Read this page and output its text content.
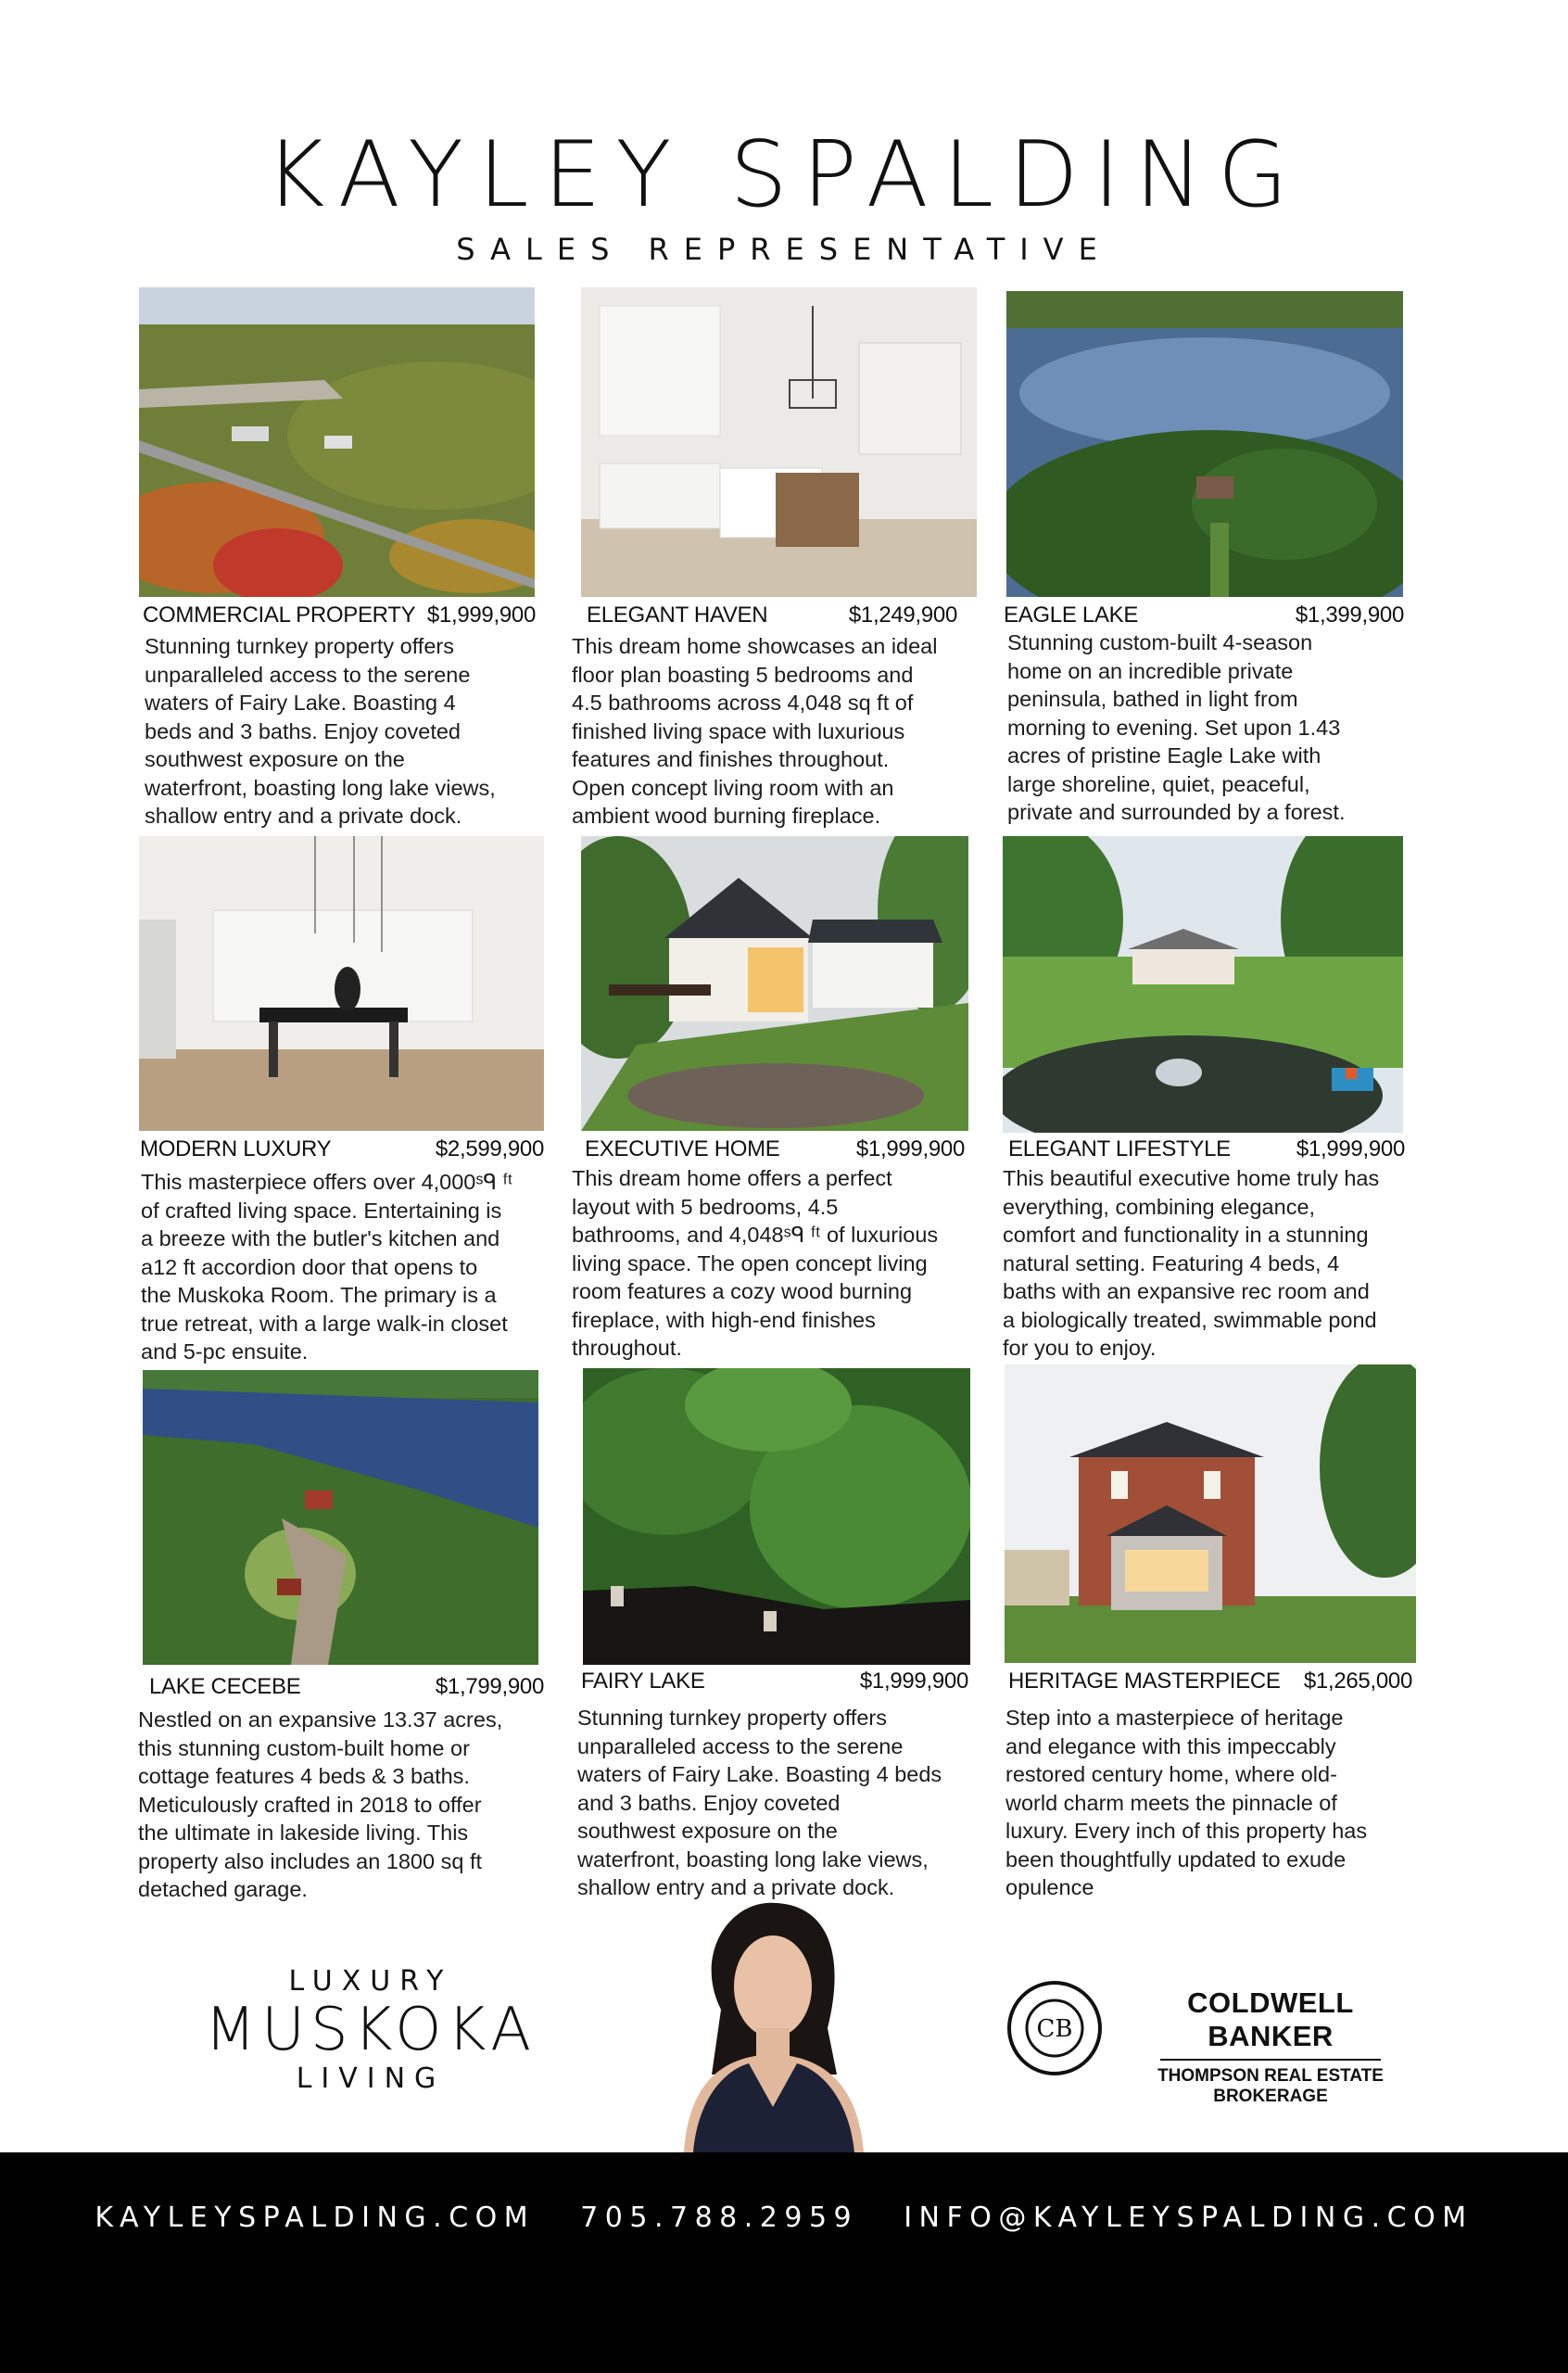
KAYLEY SPALDING
SALES REPRESENTATIVE
COMMERCIAL PROPERTY $1,999,900
Stunning turnkey property offers
unparalleled access to the serene
waters of Fairy Lake. Boasting 4
beds and 3 baths. Enjoy coveted
southwest exposure on the
waterfront, boasting long lake views,
shallow entry and a private dock.
ELEGANT HAVEN	$1,249,900
This dream home showcases an ideal
floor plan boasting 5 bedrooms and
4.5 bathrooms across 4,048 sq ft of
finished living space with luxurious
features and finishes throughout.
Open concept living room with an
ambient wood burning fireplace.
EAGLE LAKE	$1,399,900
Stunning custom-built 4-season
home on an incredible private
peninsula, bathed in light from
morning to evening. Set upon 1.43
acres of pristine Eagle Lake with
large shoreline, quiet, peaceful,
private and surrounded by a forest.
MODERN LUXURY	$2,599,900
This masterpiece offers over 4,000ˢᑫ ᶠᵗ
of crafted living space. Entertaining is
a breeze with the butler's kitchen and
a12 ft accordion door that opens to
the Muskoka Room. The primary is a
true retreat, with a large walk-in closet
and 5-pc ensuite.
EXECUTIVE HOME	$1,999,900
This dream home offers a perfect
layout with 5 bedrooms, 4.5
bathrooms, and 4,048ˢᑫ ᶠᵗ of luxurious
living space. The open concept living
room features a cozy wood burning
fireplace, with high-end finishes
throughout.
ELEGANT LIFESTYLE	$1,999,900
This beautiful executive home truly has
everything, combining elegance,
comfort and functionality in a stunning
natural setting. Featuring 4 beds, 4
baths with an expansive rec room and
a biologically treated, swimmable pond
for you to enjoy.
LAKE CECEBE	$1,799,900
Nestled on an expansive 13.37 acres,
this stunning custom-built home or
cottage features 4 beds & 3 baths.
Meticulously crafted in 2018 to offer
the ultimate in lakeside living. This
property also includes an 1800 sq ft
detached garage.
FAIRY LAKE	$1,999,900
Stunning turnkey property offers
unparalleled access to the serene
waters of Fairy Lake. Boasting 4 beds
and 3 baths. Enjoy coveted
southwest exposure on the
waterfront, boasting long lake views,
shallow entry and a private dock.
HERITAGE MASTERPIECE $1,265,000
Step into a masterpiece of heritage
and elegance with this impeccably
restored century home, where old-
world charm meets the pinnacle of
luxury. Every inch of this property has
been thoughtfully updated to exude
opulence
LUXURY
MUSKOKA
LIVING
CB
COLDWELL BANKER
THOMPSON REAL ESTATE
BROKERAGE
KAYLEYSPALDING.COM 705.788.2959 INFO@KAYLEYSPALDING.COM
